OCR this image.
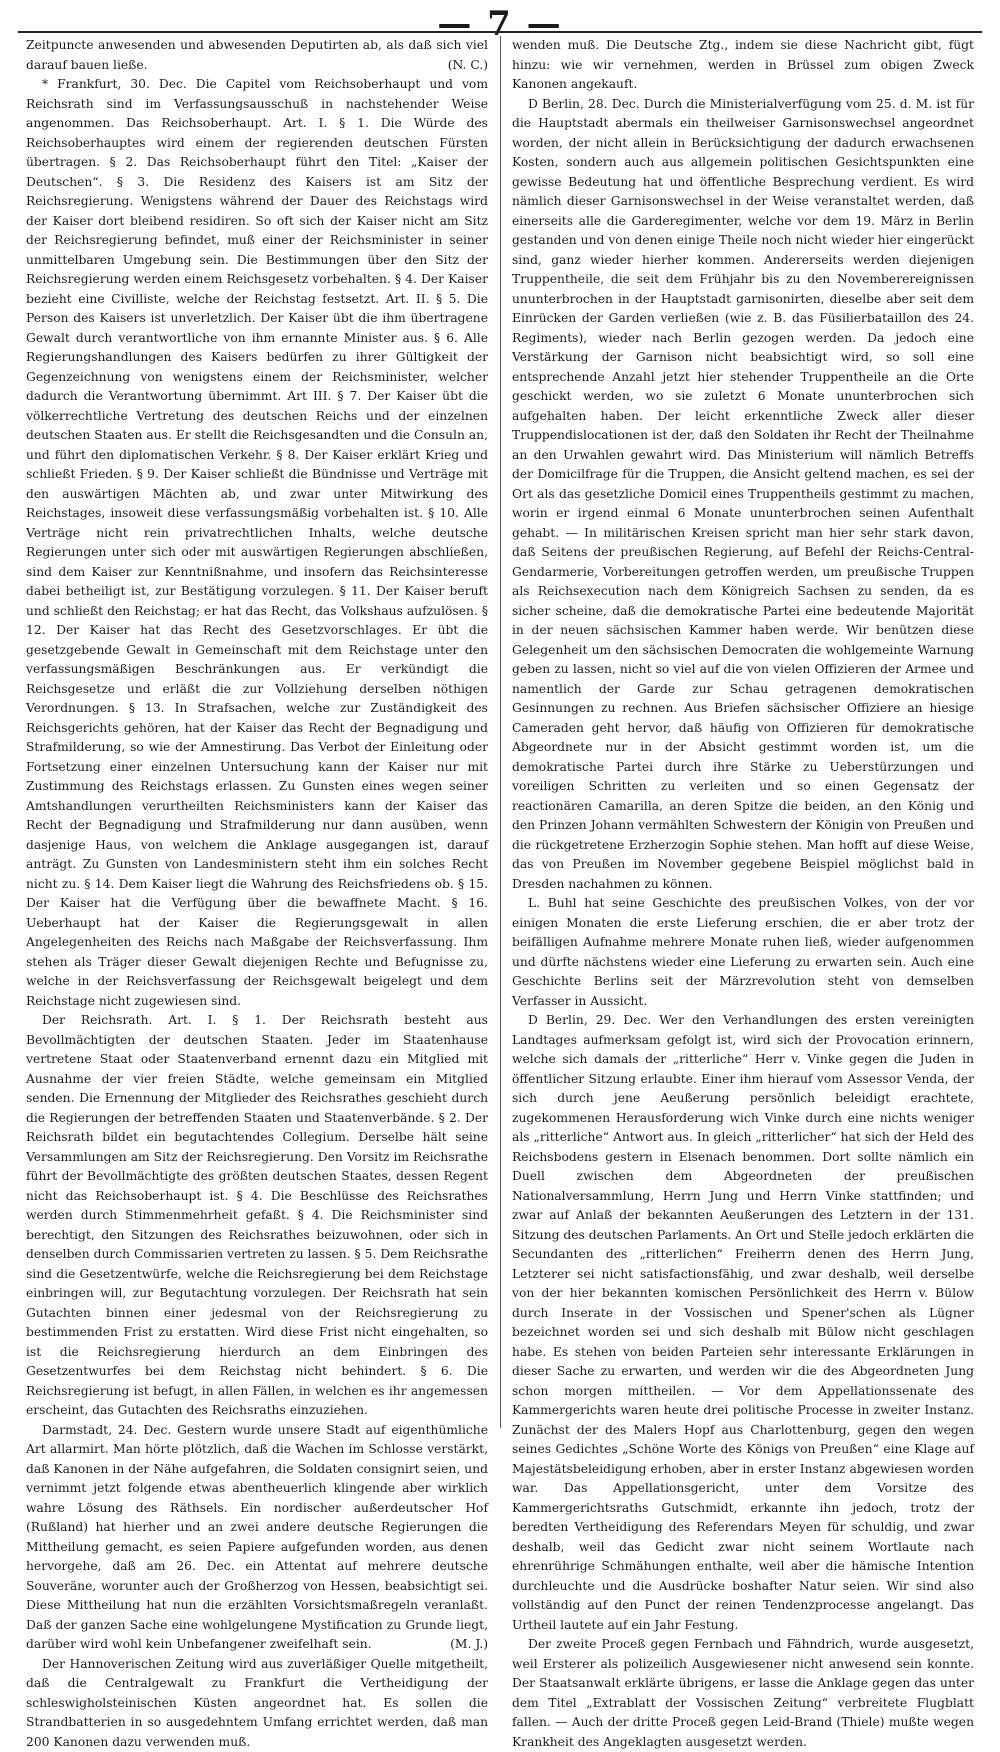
— 7 —

Zeitpuncte anwesenden und abwesenden Deputirten ab, als daß sich viel darauf bauen ließe.	(N. C.)

* Frankfurt, 30. Dec. Die Capitel vom Reichsoberhaupt und vom Reichsrath sind im Verfassungsausschuß in nachstehender Weise angenommen. Das Reichsoberhaupt. Art. I. § 1. Die Würde des Reichsoberhauptes wird einem der regierenden deutschen Fürsten übertragen. § 2. Das Reichsoberhaupt führt den Titel: „Kaiser der Deutschen“. § 3. Die Residenz des Kaisers ist am Sitz der Reichsregierung. Wenigstens während der Dauer des Reichstags wird der Kaiser dort bleibend residiren. So oft sich der Kaiser nicht am Sitz der Reichsregierung befindet, muß einer der Reichsminister in seiner unmittelbaren Umgebung sein. Die Bestimmungen über den Sitz der Reichsregierung werden einem Reichsgesetz vorbehalten. § 4. Der Kaiser bezieht eine Civilliste, welche der Reichstag festsetzt. Art. II. § 5. Die Person des Kaisers ist unverletzlich. Der Kaiser übt die ihm übertragene Gewalt durch verantwortliche von ihm ernannte Minister aus. § 6. Alle Regierungshandlungen des Kaisers bedürfen zu ihrer Gültigkeit der Gegenzeichnung von wenigstens einem der Reichsminister, welcher dadurch die Verantwortung übernimmt. Art III. § 7. Der Kaiser übt die völkerrechtliche Vertretung des deutschen Reichs und der einzelnen deutschen Staaten aus. Er stellt die Reichsgesandten und die Consuln an, und führt den diplomatischen Verkehr. § 8. Der Kaiser erklärt Krieg und schließt Frieden. § 9. Der Kaiser schließt die Bündnisse und Verträge mit den auswärtigen Mächten ab, und zwar unter Mitwirkung des Reichstages, insoweit diese verfassungsmäßig vorbehalten ist. § 10. Alle Verträge nicht rein privatrechtlichen Inhalts, welche deutsche Regierungen unter sich oder mit auswärtigen Regierungen abschließen, sind dem Kaiser zur Kenntnißnahme, und insofern das Reichsinteresse dabei betheiligt ist, zur Bestätigung vorzulegen. § 11. Der Kaiser beruft und schließt den Reichstag; er hat das Recht, das Volkshaus aufzulösen. § 12. Der Kaiser hat das Recht des Gesetzvorschlages. Er übt die gesetzgebende Gewalt in Gemeinschaft mit dem Reichstage unter den verfassungsmäßigen Beschränkungen aus. Er verkündigt die Reichsgesetze und erläßt die zur Vollziehung derselben nöthigen Verordnungen. § 13. In Strafsachen, welche zur Zuständigkeit des Reichsgerichts gehören, hat der Kaiser das Recht der Begnadigung und Strafmilderung, so wie der Amnestirung. Das Verbot der Einleitung oder Fortsetzung einer einzelnen Untersuchung kann der Kaiser nur mit Zustimmung des Reichstags erlassen. Zu Gunsten eines wegen seiner Amtshandlungen verurtheilten Reichsministers kann der Kaiser das Recht der Begnadigung und Strafmilderung nur dann ausüben, wenn dasjenige Haus, von welchem die Anklage ausgegangen ist, darauf anträgt. Zu Gunsten von Landesministern steht ihm ein solches Recht nicht zu. § 14. Dem Kaiser liegt die Wahrung des Reichsfriedens ob. § 15. Der Kaiser hat die Verfügung über die bewaffnete Macht. § 16. Ueberhaupt hat der Kaiser die Regierungsgewalt in allen Angelegenheiten des Reichs nach Maßgabe der Reichsverfassung. Ihm stehen als Träger dieser Gewalt diejenigen Rechte und Befugnisse zu, welche in der Reichsverfassung der Reichsgewalt beigelegt und dem Reichstage nicht zugewiesen sind.

Der Reichsrath. Art. I. § 1. Der Reichsrath besteht aus Bevollmächtigten der deutschen Staaten. Jeder im Staatenhause vertretene Staat oder Staatenverband ernennt dazu ein Mitglied mit Ausnahme der vier freien Städte, welche gemeinsam ein Mitglied senden. Die Ernennung der Mitglieder des Reichsrathes geschieht durch die Regierungen der betreffenden Staaten und Staatenverbände. § 2. Der Reichsrath bildet ein begutachtendes Collegium. Derselbe hält seine Versammlungen am Sitz der Reichsregierung. Den Vorsitz im Reichsrathe führt der Bevollmächtigte des größten deutschen Staates, dessen Regent nicht das Reichsoberhaupt ist. § 4. Die Beschlüsse des Reichsrathes werden durch Stimmenmehrheit gefaßt. § 4. Die Reichsminister sind berechtigt, den Sitzungen des Reichsrathes beizuwohnen, oder sich in denselben durch Commissarien vertreten zu lassen. § 5. Dem Reichsrathe sind die Gesetzentwürfe, welche die Reichsregierung bei dem Reichstage einbringen will, zur Begutachtung vorzulegen. Der Reichsrath hat sein Gutachten binnen einer jedesmal von der Reichsregierung zu bestimmenden Frist zu erstatten. Wird diese Frist nicht eingehalten, so ist die Reichsregierung hierdurch an dem Einbringen des Gesetzentwurfes bei dem Reichstag nicht behindert. § 6. Die Reichsregierung ist befugt, in allen Fällen, in welchen es ihr angemessen erscheint, das Gutachten des Reichsraths einzuziehen.

Darmstadt, 24. Dec. Gestern wurde unsere Stadt auf eigenthümliche Art allarmirt. Man hörte plötzlich, daß die Wachen im Schlosse verstärkt, daß Kanonen in der Nähe aufgefahren, die Soldaten consignirt seien, und vernimmt jetzt folgende etwas abentheuerlich klingende aber wirklich wahre Lösung des Räthsels. Ein nordischer außerdeutscher Hof (Rußland) hat hierher und an zwei andere deutsche Regierungen die Mittheilung gemacht, es seien Papiere aufgefunden worden, aus denen hervorgehe, daß am 26. Dec. ein Attentat auf mehrere deutsche Souveräne, worunter auch der Großherzog von Hessen, beabsichtigt sei. Diese Mittheilung hat nun die erzählten Vorsichtsmaßregeln veranlaßt. Daß der ganzen Sache eine wohlgelungene Mystification zu Grunde liegt, darüber wird wohl kein Unbefangener zweifelhaft sein.	(M. J.)

Der Hannoverischen Zeitung wird aus zuverläßiger Quelle mitgetheilt, daß die Centralgewalt zu Frankfurt die Vertheidigung der schleswigholsteinischen Küsten angeordnet hat. Es sollen die Strandbatterien in so ausgedehntem Umfang errichtet werden, daß man 200 Kanonen dazu verwenden muß.

wenden muß. Die Deutsche Ztg., indem sie diese Nachricht gibt, fügt hinzu: wie wir vernehmen, werden in Brüssel zum obigen Zweck Kanonen angekauft.

D Berlin, 28. Dec. Durch die Ministerialverfügung vom 25. d. M. ist für die Hauptstadt abermals ein theilweiser Garnisonswechsel angeordnet worden, der nicht allein in Berücksichtigung der dadurch erwachsenen Kosten, sondern auch aus allgemein politischen Gesichtspunkten eine gewisse Bedeutung hat und öffentliche Besprechung verdient. Es wird nämlich dieser Garnisonswechsel in der Weise veranstaltet werden, daß einerseits alle die Garderegimenter, welche vor dem 19. März in Berlin gestanden und von denen einige Theile noch nicht wieder hier eingerückt sind, ganz wieder hierher kommen. Andererseits werden diejenigen Truppentheile, die seit dem Frühjahr bis zu den Novemberereignissen ununterbrochen in der Hauptstadt garnisonirten, dieselbe aber seit dem Einrücken der Garden verließen (wie z. B. das Füsilierbataillon des 24. Regiments), wieder nach Berlin gezogen werden. Da jedoch eine Verstärkung der Garnison nicht beabsichtigt wird, so soll eine entsprechende Anzahl jetzt hier stehender Truppentheile an die Orte geschickt werden, wo sie zuletzt 6 Monate ununterbrochen sich aufgehalten haben. Der leicht erkenntliche Zweck aller dieser Truppendislocationen ist der, daß den Soldaten ihr Recht der Theilnahme an den Urwahlen gewahrt wird. Das Ministerium will nämlich Betreffs der Domicilfrage für die Truppen, die Ansicht geltend machen, es sei der Ort als das gesetzliche Domicil eines Truppentheils gestimmt zu machen, worin er irgend einmal 6 Monate ununterbrochen seinen Aufenthalt gehabt. — In militärischen Kreisen spricht man hier sehr stark davon, daß Seitens der preußischen Regierung, auf Befehl der Reichs-Central-Gendarmerie, Vorbereitungen getroffen werden, um preußische Truppen als Reichsexecution nach dem Königreich Sachsen zu senden, da es sicher scheine, daß die demokratische Partei eine bedeutende Majorität in der neuen sächsischen Kammer haben werde. Wir benützen diese Gelegenheit um den sächsischen Democraten die wohlgemeinte Warnung geben zu lassen, nicht so viel auf die von vielen Offizieren der Armee und namentlich der Garde zur Schau getragenen demokratischen Gesinnungen zu rechnen. Aus Briefen sächsischer Offiziere an hiesige Cameraden geht hervor, daß häufig von Offizieren für demokratische Abgeordnete nur in der Absicht gestimmt worden ist, um die demokratische Partei durch ihre Stärke zu Ueberstürzungen und voreiligen Schritten zu verleiten und so einen Gegensatz der reactionären Camarilla, an deren Spitze die beiden, an den König und den Prinzen Johann vermählten Schwestern der Königin von Preußen und die rückgetretene Erzherzogin Sophie stehen. Man hofft auf diese Weise, das von Preußen im November gegebene Beispiel möglichst bald in Dresden nachahmen zu können.

L. Buhl hat seine Geschichte des preußischen Volkes, von der vor einigen Monaten die erste Lieferung erschien, die er aber trotz der beifälligen Aufnahme mehrere Monate ruhen ließ, wieder aufgenommen und dürfte nächstens wieder eine Lieferung zu erwarten sein. Auch eine Geschichte Berlins seit der Märzrevolution steht von demselben Verfasser in Aussicht.

D Berlin, 29. Dec. Wer den Verhandlungen des ersten vereinigten Landtages aufmerksam gefolgt ist, wird sich der Provocation erinnern, welche sich damals der „ritterliche“ Herr v. Vinke gegen die Juden in öffentlicher Sitzung erlaubte. Einer ihm hierauf vom Assessor Venda, der sich durch jene Aeußerung persönlich beleidigt erachtete, zugekommenen Herausforderung wich Vinke durch eine nichts weniger als „ritterliche“ Antwort aus. In gleich „ritterlicher“ hat sich der Held des Reichsbodens gestern in Elsenach benommen. Dort sollte nämlich ein Duell zwischen dem Abgeordneten der preußischen Nationalversammlung, Herrn Jung und Herrn Vinke stattfinden; und zwar auf Anlaß der bekannten Aeußerungen des Letztern in der 131. Sitzung des deutschen Parlaments. An Ort und Stelle jedoch erklärten die Secundanten des „ritterlichen“ Freiherrn denen des Herrn Jung, Letzterer sei nicht satisfactionsfähig, und zwar deshalb, weil derselbe von der hier bekannten komischen Persönlichkeit des Herrn v. Bülow durch Inserate in der Vossischen und Spener'schen als Lügner bezeichnet worden sei und sich deshalb mit Bülow nicht geschlagen habe. Es stehen von beiden Parteien sehr interessante Erklärungen in dieser Sache zu erwarten, und werden wir die des Abgeordneten Jung schon morgen mittheilen. — Vor dem Appellationssenate des Kammergerichts waren heute drei politische Processe in zweiter Instanz. Zunächst der des Malers Hopf aus Charlottenburg, gegen den wegen seines Gedichtes „Schöne Worte des Königs von Preußen“ eine Klage auf Majestätsbeleidigung erhoben, aber in erster Instanz abgewiesen worden war. Das Appellationsgericht, unter dem Vorsitze des Kammergerichtsraths Gutschmidt, erkannte ihn jedoch, trotz der beredten Vertheidigung des Referendars Meyen für schuldig, und zwar deshalb, weil das Gedicht zwar nicht seinem Wortlaute nach ehrenrührige Schmähungen enthalte, weil aber die hämische Intention durchleuchte und die Ausdrücke boshafter Natur seien. Wir sind also vollständig auf den Punct der reinen Tendenzprocesse angelangt. Das Urtheil lautete auf ein Jahr Festung.

Der zweite Proceß gegen Fernbach und Fähndrich, wurde ausgesetzt, weil Ersterer als polizeilich Ausgewiesener nicht anwesend sein konnte. Der Staatsanwalt erklärte übrigens, er lasse die Anklage gegen das unter dem Titel „Extrablatt der Vossischen Zeitung“ verbreitete Flugblatt fallen. — Auch der dritte Proceß gegen Leid-Brand (Thiele) mußte wegen Krankheit des Angeklagten ausgesetzt werden.
